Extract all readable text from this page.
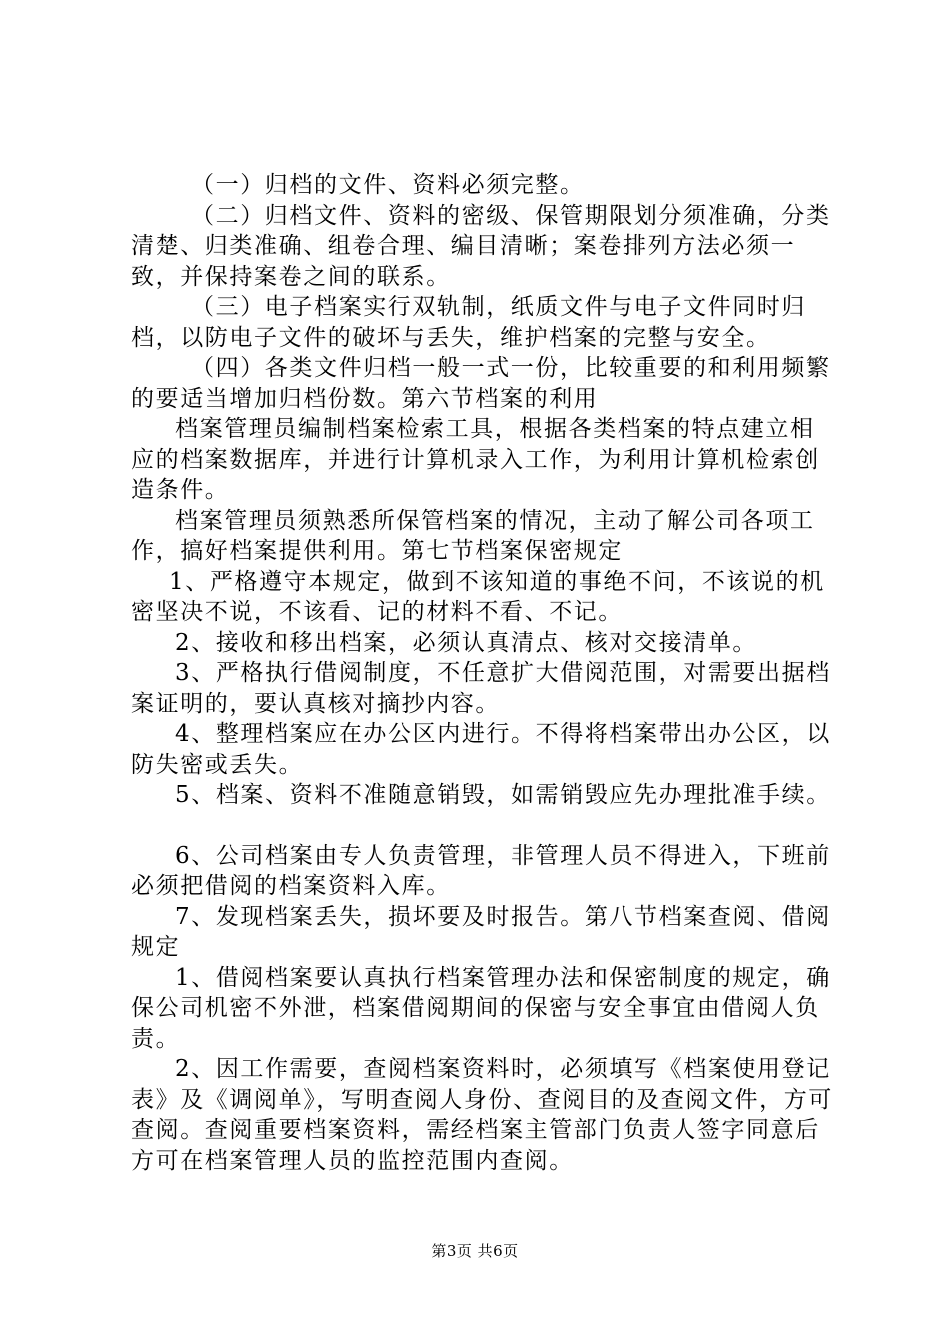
（一）归档的文件、资料必须完整。

（二）归档文件、资料的密级、保管期限划分须准确，分类清楚、归类准确、组卷合理、编目清晰；案卷排列方法必须一致，并保持案卷之间的联系。

（三）电子档案实行双轨制，纸质文件与电子文件同时归档，以防电子文件的破坏与丢失，维护档案的完整与安全。

（四）各类文件归档一般一式一份，比较重要的和利用频繁的要适当增加归档份数。第六节档案的利用

档案管理员编制档案检索工具，根据各类档案的特点建立相应的档案数据库，并进行计算机录入工作，为利用计算机检索创造条件。

档案管理员须熟悉所保管档案的情况，主动了解公司各项工作，搞好档案提供利用。第七节档案保密规定

1、严格遵守本规定，做到不该知道的事绝不问，不该说的机密坚决不说，不该看、记的材料不看、不记。

2、接收和移出档案，必须认真清点、核对交接清单。

3、严格执行借阅制度，不任意扩大借阅范围，对需要出据档案证明的，要认真核对摘抄内容。

4、整理档案应在办公区内进行。不得将档案带出办公区，以防失密或丢失。

5、档案、资料不准随意销毁，如需销毁应先办理批准手续。

6、公司档案由专人负责管理，非管理人员不得进入，下班前必须把借阅的档案资料入库。

7、发现档案丢失，损坏要及时报告。第八节档案查阅、借阅规定

1、借阅档案要认真执行档案管理办法和保密制度的规定，确保公司机密不外泄，档案借阅期间的保密与安全事宜由借阅人负责。

2、因工作需要，查阅档案资料时，必须填写《档案使用登记表》及《调阅单》，写明查阅人身份、查阅目的及查阅文件，方可查阅。查阅重要档案资料，需经档案主管部门负责人签字同意后方可在档案管理人员的监控范围内查阅。

第3页 共6页
